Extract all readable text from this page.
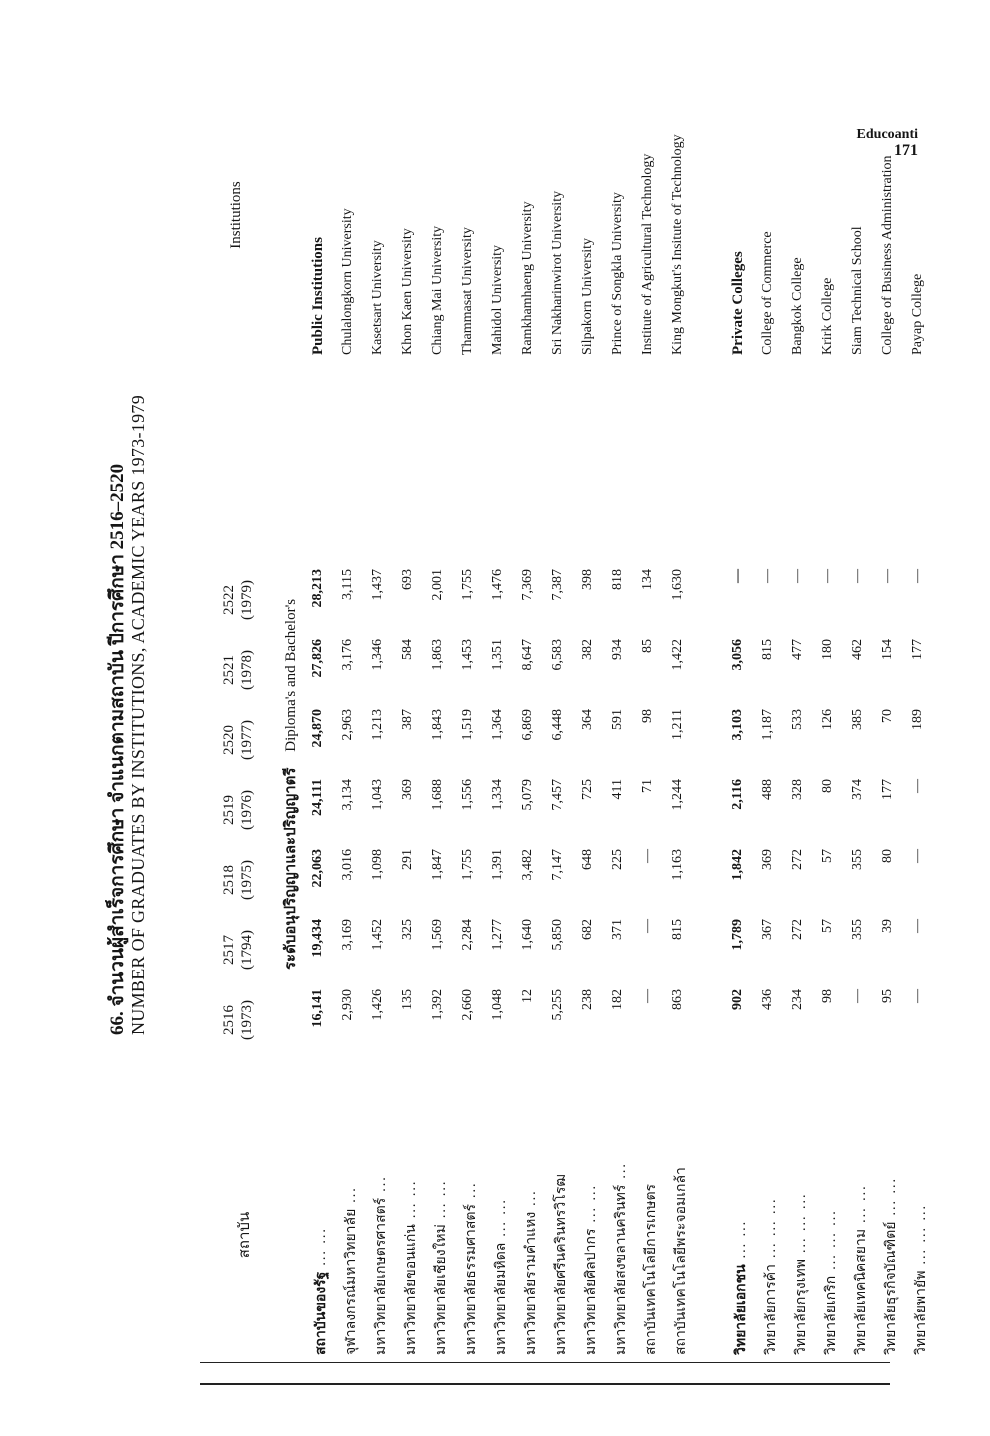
Educoanti
171
66. จำนวนผู้สำเร็จการศึกษา จำแนกตามสถาบัน ปีการศึกษา 2516–2520 NUMBER OF GRADUATES BY INSTITUTIONS, ACADEMIC YEARS 1973-1979
สถาบัน
Institutions
2516 (1973)
2517 (1794)
2518 (1975)
2519 (1976)
2520 (1977)
2521 (1978)
2522 (1979)
ระดับอนุปริญญาและปริญญาตรี Diploma's and Bachelor's
สถาบันของรัฐ... ...
16,141
19,434
22,063
24,111
24,870
27,826
28,213
Public Institutions
จุฬาลงกรณ์มหาวิทยาลัย...
2,930
3,169
3,016
3,134
2,963
3,176
3,115
Chulalongkorn University
มหาวิทยาลัยเกษตรศาสตร์...
1,426
1,452
1,098
1,043
1,213
1,346
1,437
Kasetsart University
มหาวิทยาลัยขอนแก่น... ...
135
325
291
369
387
584
693
Khon Kaen University
มหาวิทยาลัยเชียงใหม่... ...
1,392
1,569
1,847
1,688
1,843
1,863
2,001
Chiang Mai University
มหาวิทยาลัยธรรมศาสตร์...
2,660
2,284
1,755
1,556
1,519
1,453
1,755
Thammasat University
มหาวิทยาลัยมหิดล... ...
1,048
1,277
1,391
1,334
1,364
1,351
1,476
Mahidol University
มหาวิทยาลัยรามคำแหง...
12
1,640
3,482
5,079
6,869
8,647
7,369
Ramkhamhaeng University
มหาวิทยาลัยศรีนครินทรวิโรฒ
5,255
5,850
7,147
7,457
6,448
6,583
7,387
Sri Nakharinwirot University
มหาวิทยาลัยศิลปากร... ...
238
682
648
725
364
382
398
Silpakorn University
มหาวิทยาลัยสงขลานครินทร์...
182
371
225
411
591
934
818
Prince of Songkla University
สถาบันเทคโนโลยีการเกษตร
—
—
—
71
98
85
134
Institute of Agricultural Technology
สถาบันเทคโนโลยีพระจอมเกล้า
863
815
1,163
1,244
1,211
1,422
1,630
King Mongkut's Insitute of Technology
วิทยาลัยเอกชน... ...
902
1,789
1,842
2,116
3,103
3,056
—
Private Colleges
วิทยาลัยการค้า... ... ...
436
367
369
488
1,187
815
—
College of Commerce
วิทยาลัยกรุงเทพ... ... ...
234
272
272
328
533
477
—
Bangkok College
วิทยาลัยเกริก... ... ...
98
57
57
80
126
180
—
Krirk College
วิทยาลัยเทคนิคสยาม... ...
—
355
355
374
385
462
—
Siam Technical School
วิทยาลัยธุรกิจบัณฑิตย์... ...
95
39
80
177
70
154
—
College of Business Administration
วิทยาลัยพายัพ... ... ...
—
—
—
—
189
177
—
Payap College
